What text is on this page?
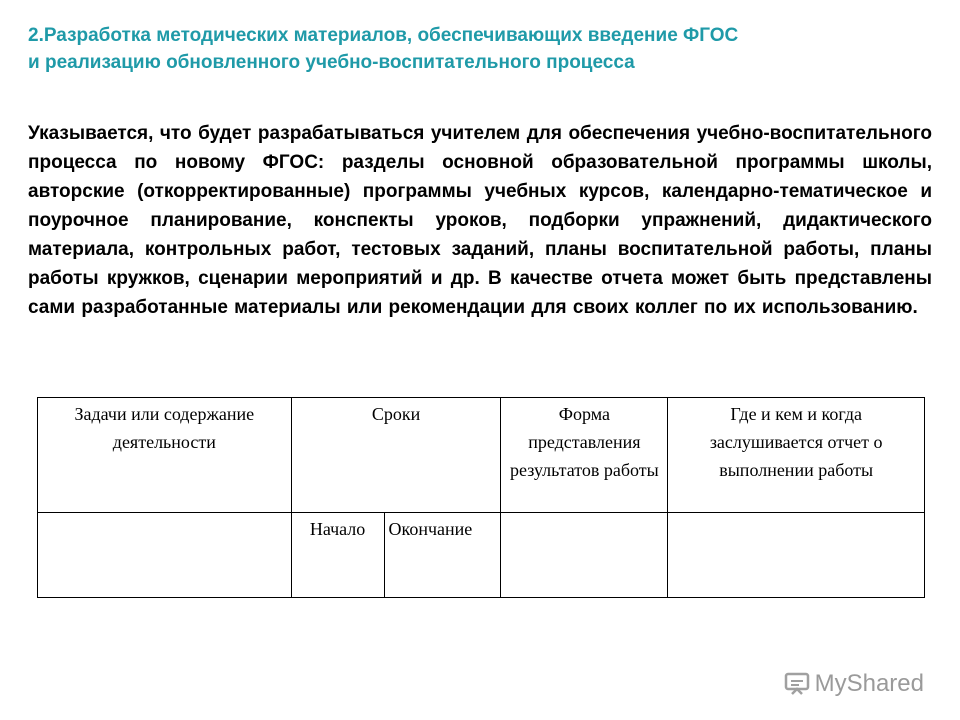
2.Разработка методических материалов, обеспечивающих введение ФГОС
и реализацию обновленного учебно-воспитательного процесса

Указывается, что будет разрабатываться учителем для обеспечения учебно-воспитательного процесса по новому ФГОС: разделы основной образовательной программы школы, авторские (откорректированные) программы учебных курсов, календарно-тематическое и поурочное планирование, конспекты уроков, подборки упражнений, дидактического материала, контрольных работ, тестовых заданий, планы воспитательной работы, планы работы кружков, сценарии мероприятий и др. В качестве отчета может быть представлены сами разработанные материалы или рекомендации для своих коллег по их использованию.

Задачи или содержание деятельности	Сроки		Форма представления результатов работы	Где и кем и когда заслушивается отчет о выполнении работы
	Начало	Окончание		
MyShared
